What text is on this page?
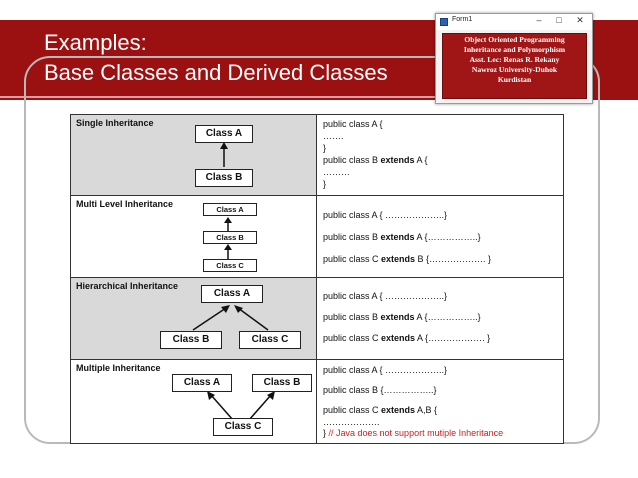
Examples:
Base Classes and Derived Classes
Form1	–	□	✕
Object Oriented Programming
Inheritance and Polymorphism
Asst. Lec: Renas R. Rekany
Nawroz University-Duhok
Kurdistan
Single Inheritance
Class A
Class B
public class A {
…….
}
public class B extends A {
………
}
Multi Level Inheritance
Class A
Class B
Class C
public class A { ………………..}
public class B extends A {……………..}
public class C extends B {………………. }
Hierarchical Inheritance
Class A
Class B	Class C
public class A { ………………..}
public class B extends A {……………..}
public class C extends A {………………. }
Multiple Inheritance
Class A	Class B
Class C
public class A { ………………..}
public class B {……………..}
public class C extends A,B {
……………….
} // Java does not support mutiple Inheritance
